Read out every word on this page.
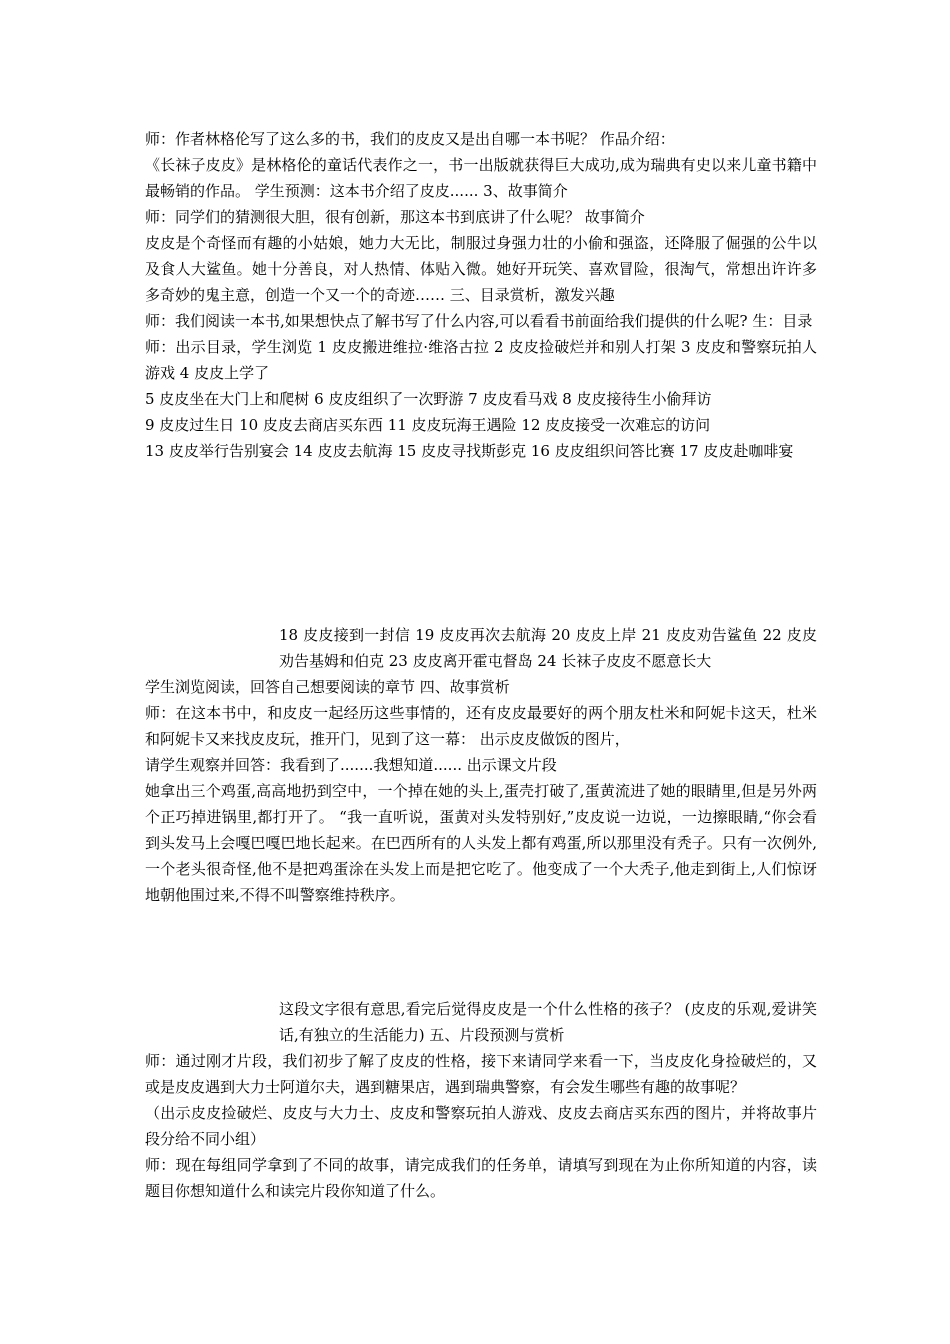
师：作者林格伦写了这么多的书，我们的皮皮又是出自哪一本书呢？ 作品介绍：

《长袜子皮皮》是林格伦的童话代表作之一，书一出版就获得巨大成功,成为瑞典有史以来儿童书籍中最畅销的作品。 学生预测：这本书介绍了皮皮...... 3、故事简介

师：同学们的猜测很大胆，很有创新，那这本书到底讲了什么呢？ 故事简介

皮皮是个奇怪而有趣的小姑娘，她力大无比，制服过身强力壮的小偷和强盗，还降服了倔强的公牛以及食人大鲨鱼。她十分善良，对人热情、体贴入微。她好开玩笑、喜欢冒险，很淘气，常想出许许多多奇妙的鬼主意，创造一个又一个的奇迹…… 三、目录赏析，激发兴趣

师：我们阅读一本书,如果想快点了解书写了什么内容,可以看看书前面给我们提供的什么呢? 生：目录

师：出示目录，学生浏览 1 皮皮搬进维拉·维洛古拉 2 皮皮捡破烂并和别人打架 3 皮皮和警察玩拍人游戏 4 皮皮上学了

5 皮皮坐在大门上和爬树 6 皮皮组织了一次野游 7 皮皮看马戏 8 皮皮接待生小偷拜访

9 皮皮过生日 10 皮皮去商店买东西 11 皮皮玩海王遇险 12 皮皮接受一次难忘的访问

13 皮皮举行告别宴会 14 皮皮去航海 15 皮皮寻找斯彭克 16 皮皮组织问答比赛 17 皮皮赴咖啡宴

18 皮皮接到一封信 19 皮皮再次去航海 20 皮皮上岸 21 皮皮劝告鲨鱼 22 皮皮劝告基姆和伯克 23 皮皮离开霍屯督岛 24 长袜子皮皮不愿意长大

学生浏览阅读，回答自己想要阅读的章节 四、故事赏析

师：在这本书中，和皮皮一起经历这些事情的，还有皮皮最要好的两个朋友杜米和阿妮卡这天，杜米和阿妮卡又来找皮皮玩，推开门，见到了这一幕： 出示皮皮做饭的图片，

请学生观察并回答：我看到了.......我想知道...... 出示课文片段

她拿出三个鸡蛋,高高地扔到空中，一个掉在她的头上,蛋壳打破了,蛋黄流进了她的眼睛里,但是另外两个正巧掉进锅里,都打开了。 “我一直听说，蛋黄对头发特别好,”皮皮说一边说，一边擦眼睛,“你会看到头发马上会嘎巴嘎巴地长起来。在巴西所有的人头发上都有鸡蛋,所以那里没有秃子。只有一次例外,一个老头很奇怪,他不是把鸡蛋涂在头发上而是把它吃了。他变成了一个大秃子,他走到街上,人们惊讶地朝他围过来,不得不叫警察维持秩序。

这段文字很有意思,看完后觉得皮皮是一个什么性格的孩子？ (皮皮的乐观,爱讲笑话,有独立的生活能力) 五、片段预测与赏析

师：通过刚才片段，我们初步了解了皮皮的性格，接下来请同学来看一下，当皮皮化身捡破烂的，又或是皮皮遇到大力士阿道尔夫，遇到糖果店，遇到瑞典警察，有会发生哪些有趣的故事呢？

（出示皮皮捡破烂、皮皮与大力士、皮皮和警察玩拍人游戏、皮皮去商店买东西的图片，并将故事片段分给不同小组）

师：现在每组同学拿到了不同的故事，请完成我们的任务单，请填写到现在为止你所知道的内容，读题目你想知道什么和读完片段你知道了什么。
